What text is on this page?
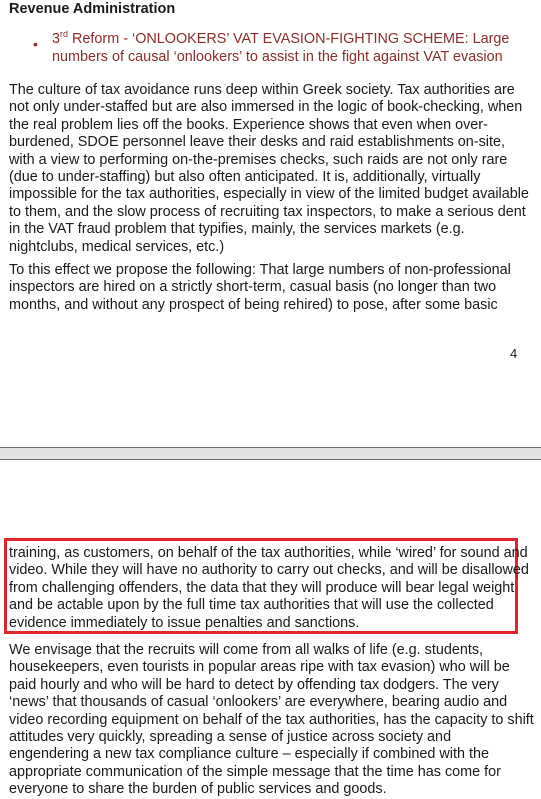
Revenue Administration
• 3rd Reform - ‘ONLOOKERS’ VAT EVASION-FIGHTING SCHEME: Large numbers of causal ‘onlookers’ to assist in the fight against VAT evasion

The culture of tax avoidance runs deep within Greek society. Tax authorities are not only under-staffed but are also immersed in the logic of book-checking, when the real problem lies off the books. Experience shows that even when over-burdened, SDOE personnel leave their desks and raid establishments on-site, with a view to performing on-the-premises checks, such raids are not only rare (due to under-staffing) but also often anticipated. It is, additionally, virtually impossible for the tax authorities, especially in view of the limited budget available to them, and the slow process of recruiting tax inspectors, to make a serious dent in the VAT fraud problem that typifies, mainly, the services markets (e.g. nightclubs, medical services, etc.)

To this effect we propose the following: That large numbers of non-professional inspectors are hired on a strictly short-term, casual basis (no longer than two months, and without any prospect of being rehired) to pose, after some basic

4

training, as customers, on behalf of the tax authorities, while ‘wired’ for sound and video. While they will have no authority to carry out checks, and will be disallowed from challenging offenders, the data that they will produce will bear legal weight and be actable upon by the full time tax authorities that will use the collected evidence immediately to issue penalties and sanctions.

We envisage that the recruits will come from all walks of life (e.g. students, housekeepers, even tourists in popular areas ripe with tax evasion) who will be paid hourly and who will be hard to detect by offending tax dodgers. The very ‘news’ that thousands of casual ‘onlookers’ are everywhere, bearing audio and video recording equipment on behalf of the tax authorities, has the capacity to shift attitudes very quickly, spreading a sense of justice across society and engendering a new tax compliance culture – especially if combined with the appropriate communication of the simple message that the time has come for everyone to share the burden of public services and goods.
